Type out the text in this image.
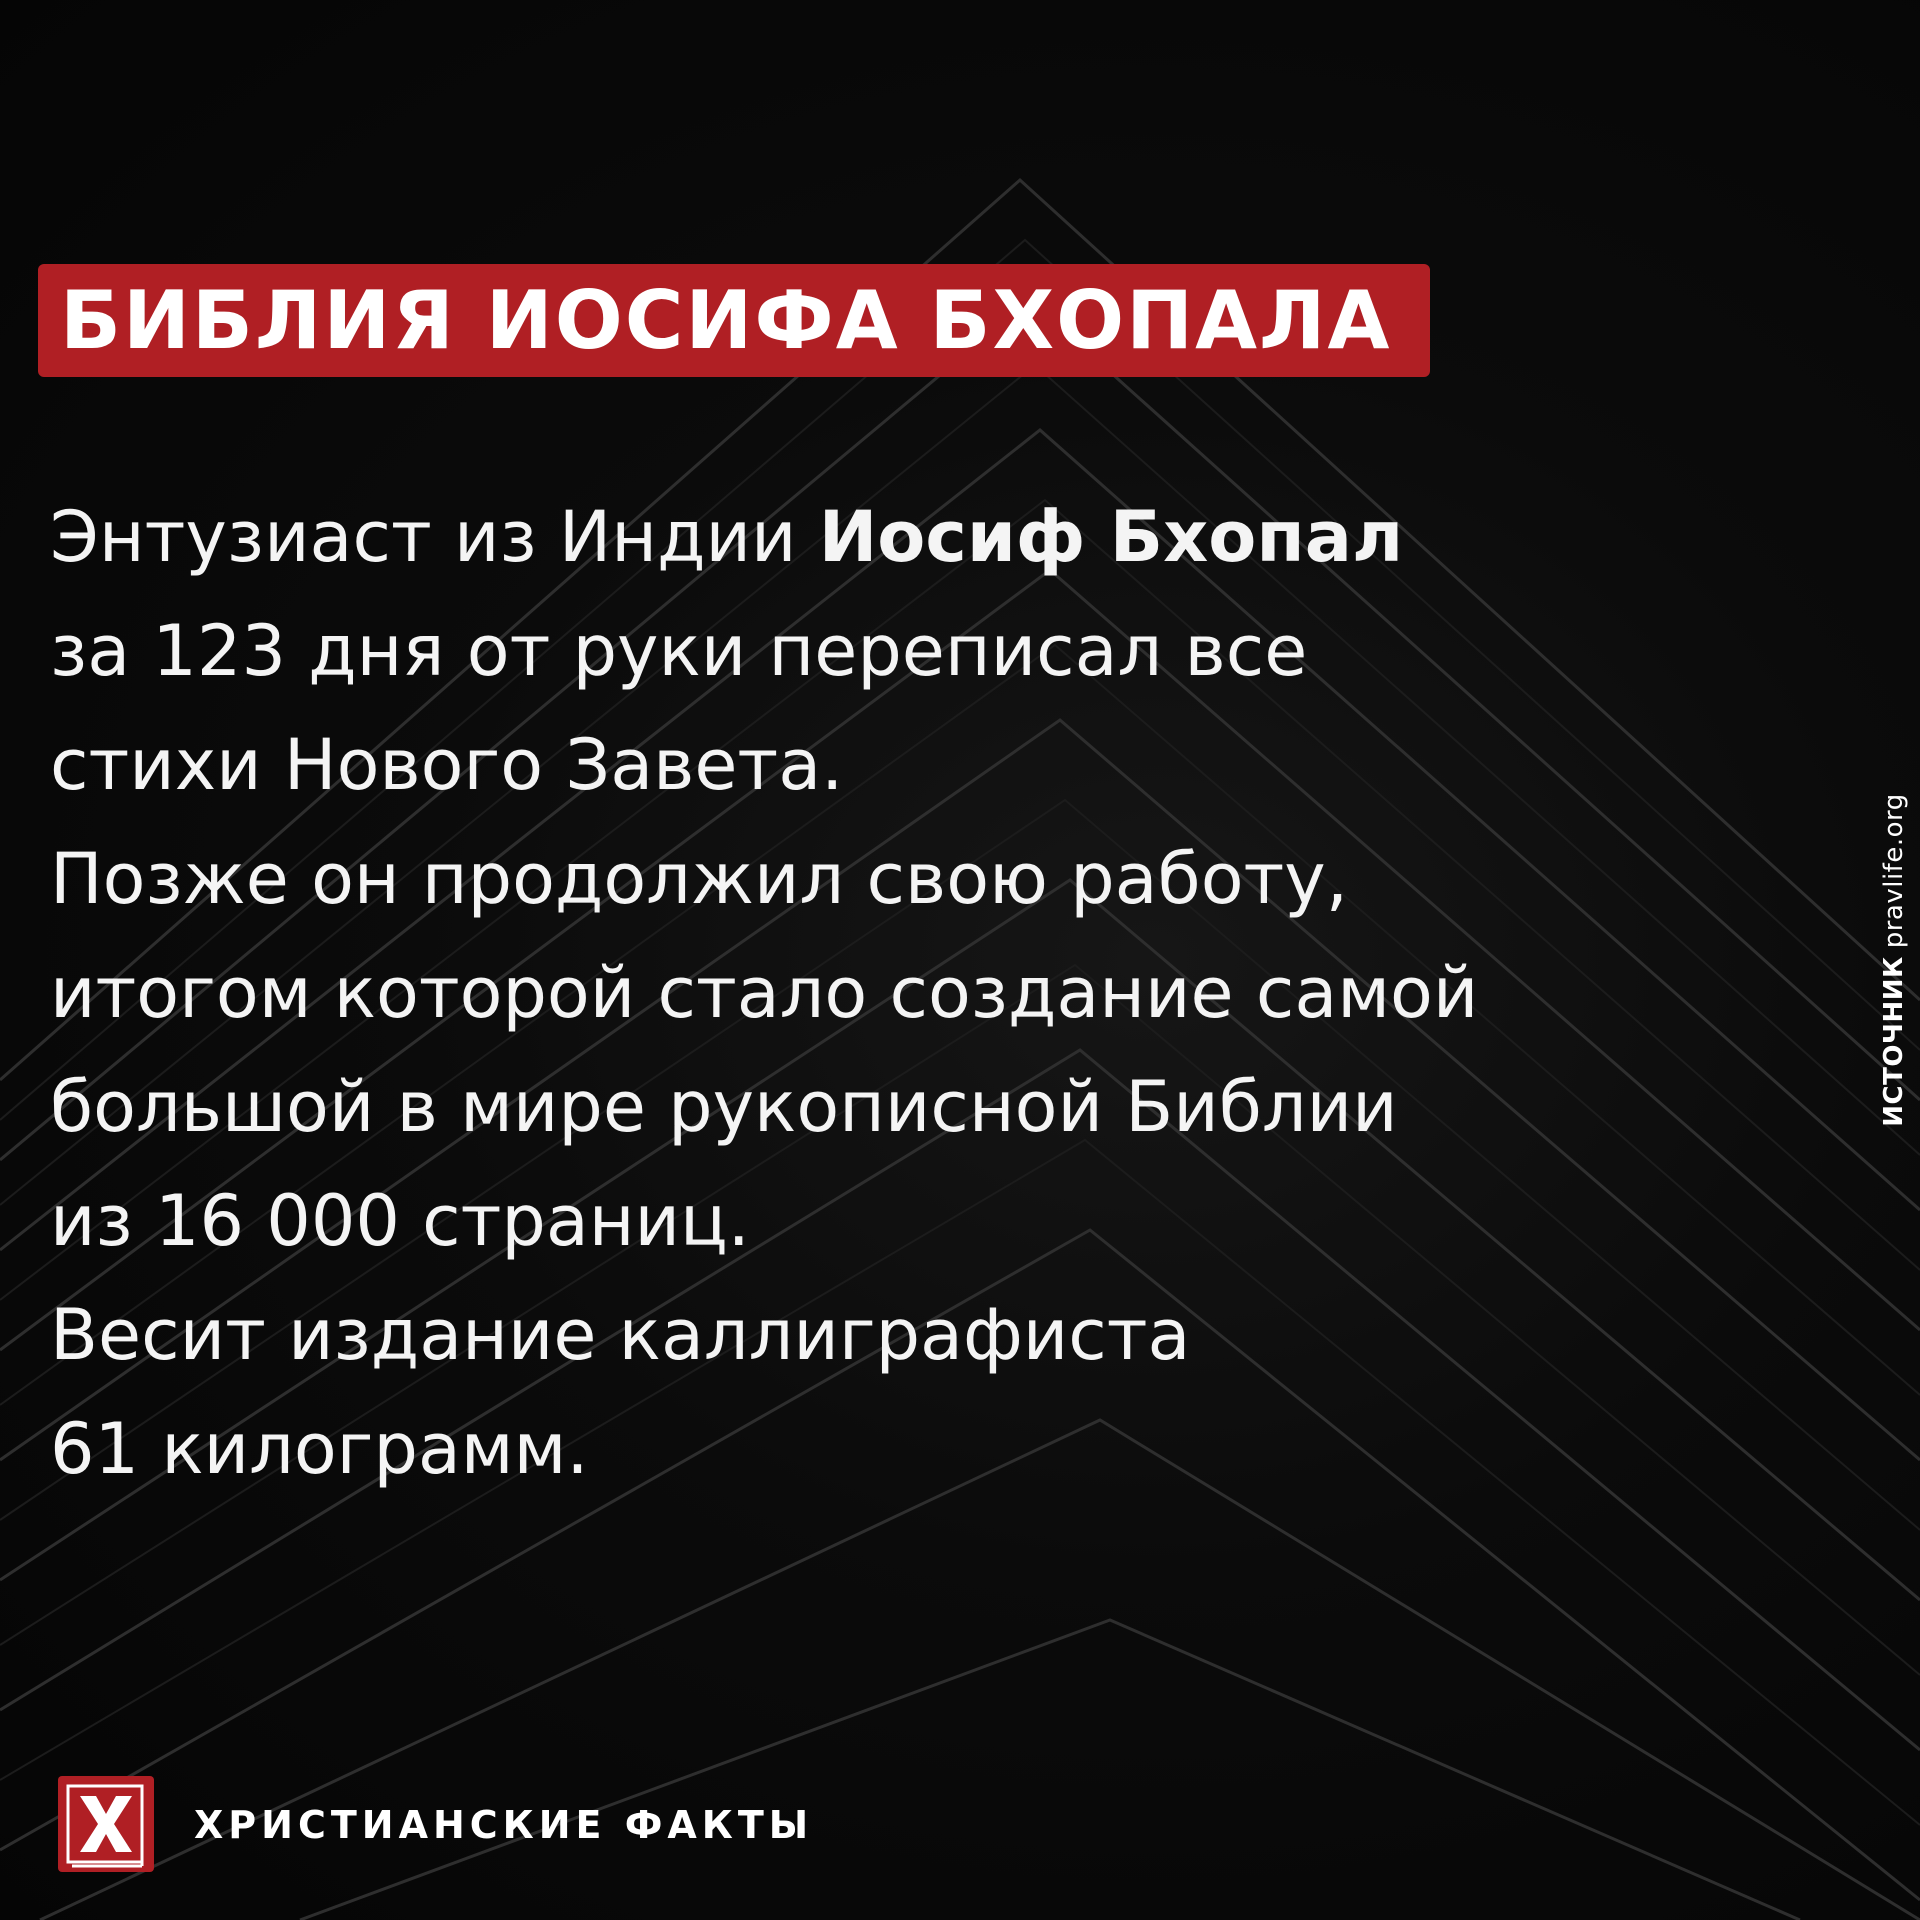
БИБЛИЯ ИОСИФА БХОПАЛА

Энтузиаст из Индии Иосиф Бхопал
за 123 дня от руки переписал все
стихи Нового Завета.
Позже он продолжил свою работу,
итогом которой стало создание самой
большой в мире рукописной Библии
из 16 000 страниц.
Весит издание каллиграфиста
61 килограмм.

ИСТОЧНИКpravlife.org
ХРИСТИАНСКИЕ ФАКТЫ
